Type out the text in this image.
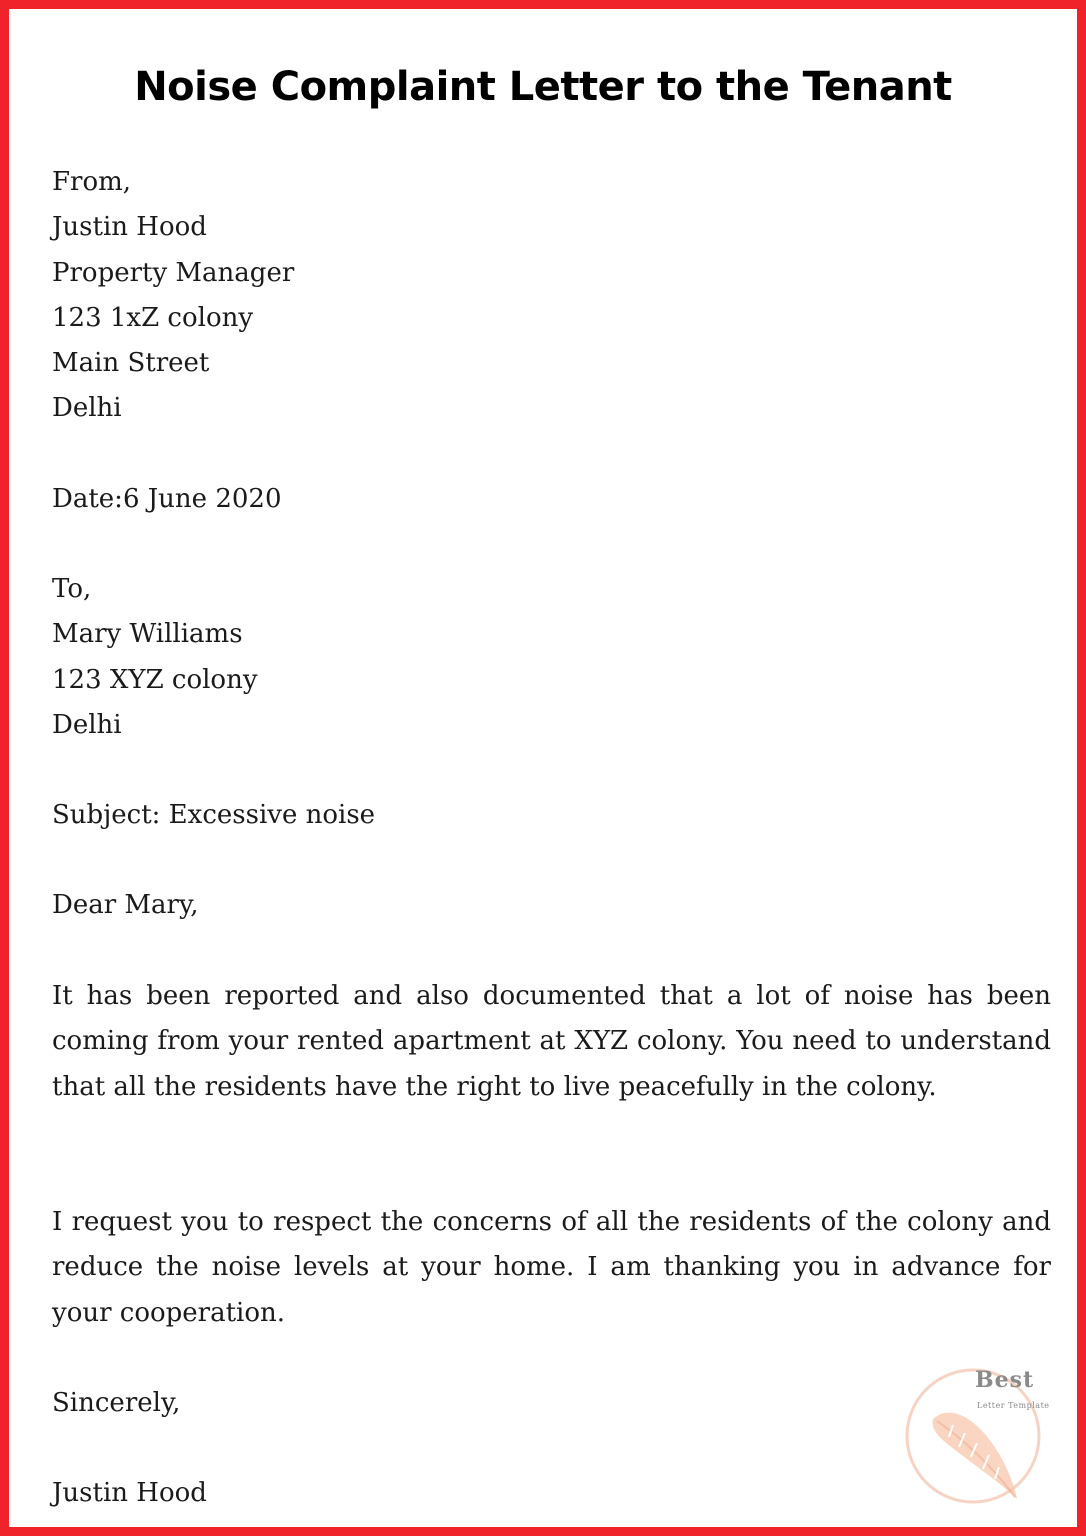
Noise Complaint Letter to the Tenant
From,
Justin Hood
Property Manager
123 1xZ colony
Main Street
Delhi
Date:6 June 2020
To,
Mary Williams
123 XYZ colony
Delhi
Subject: Excessive noise
Dear Mary,
It has been reported and also documented that a lot of noise has been coming from your rented apartment at XYZ colony. You need to understand that all the residents have the right to live peacefully in the colony.
I request you to respect the concerns of all the residents of the colony and reduce the noise levels at your home. I am thanking you in advance for your cooperation.
Sincerely,
Justin Hood
Best
Letter Template
